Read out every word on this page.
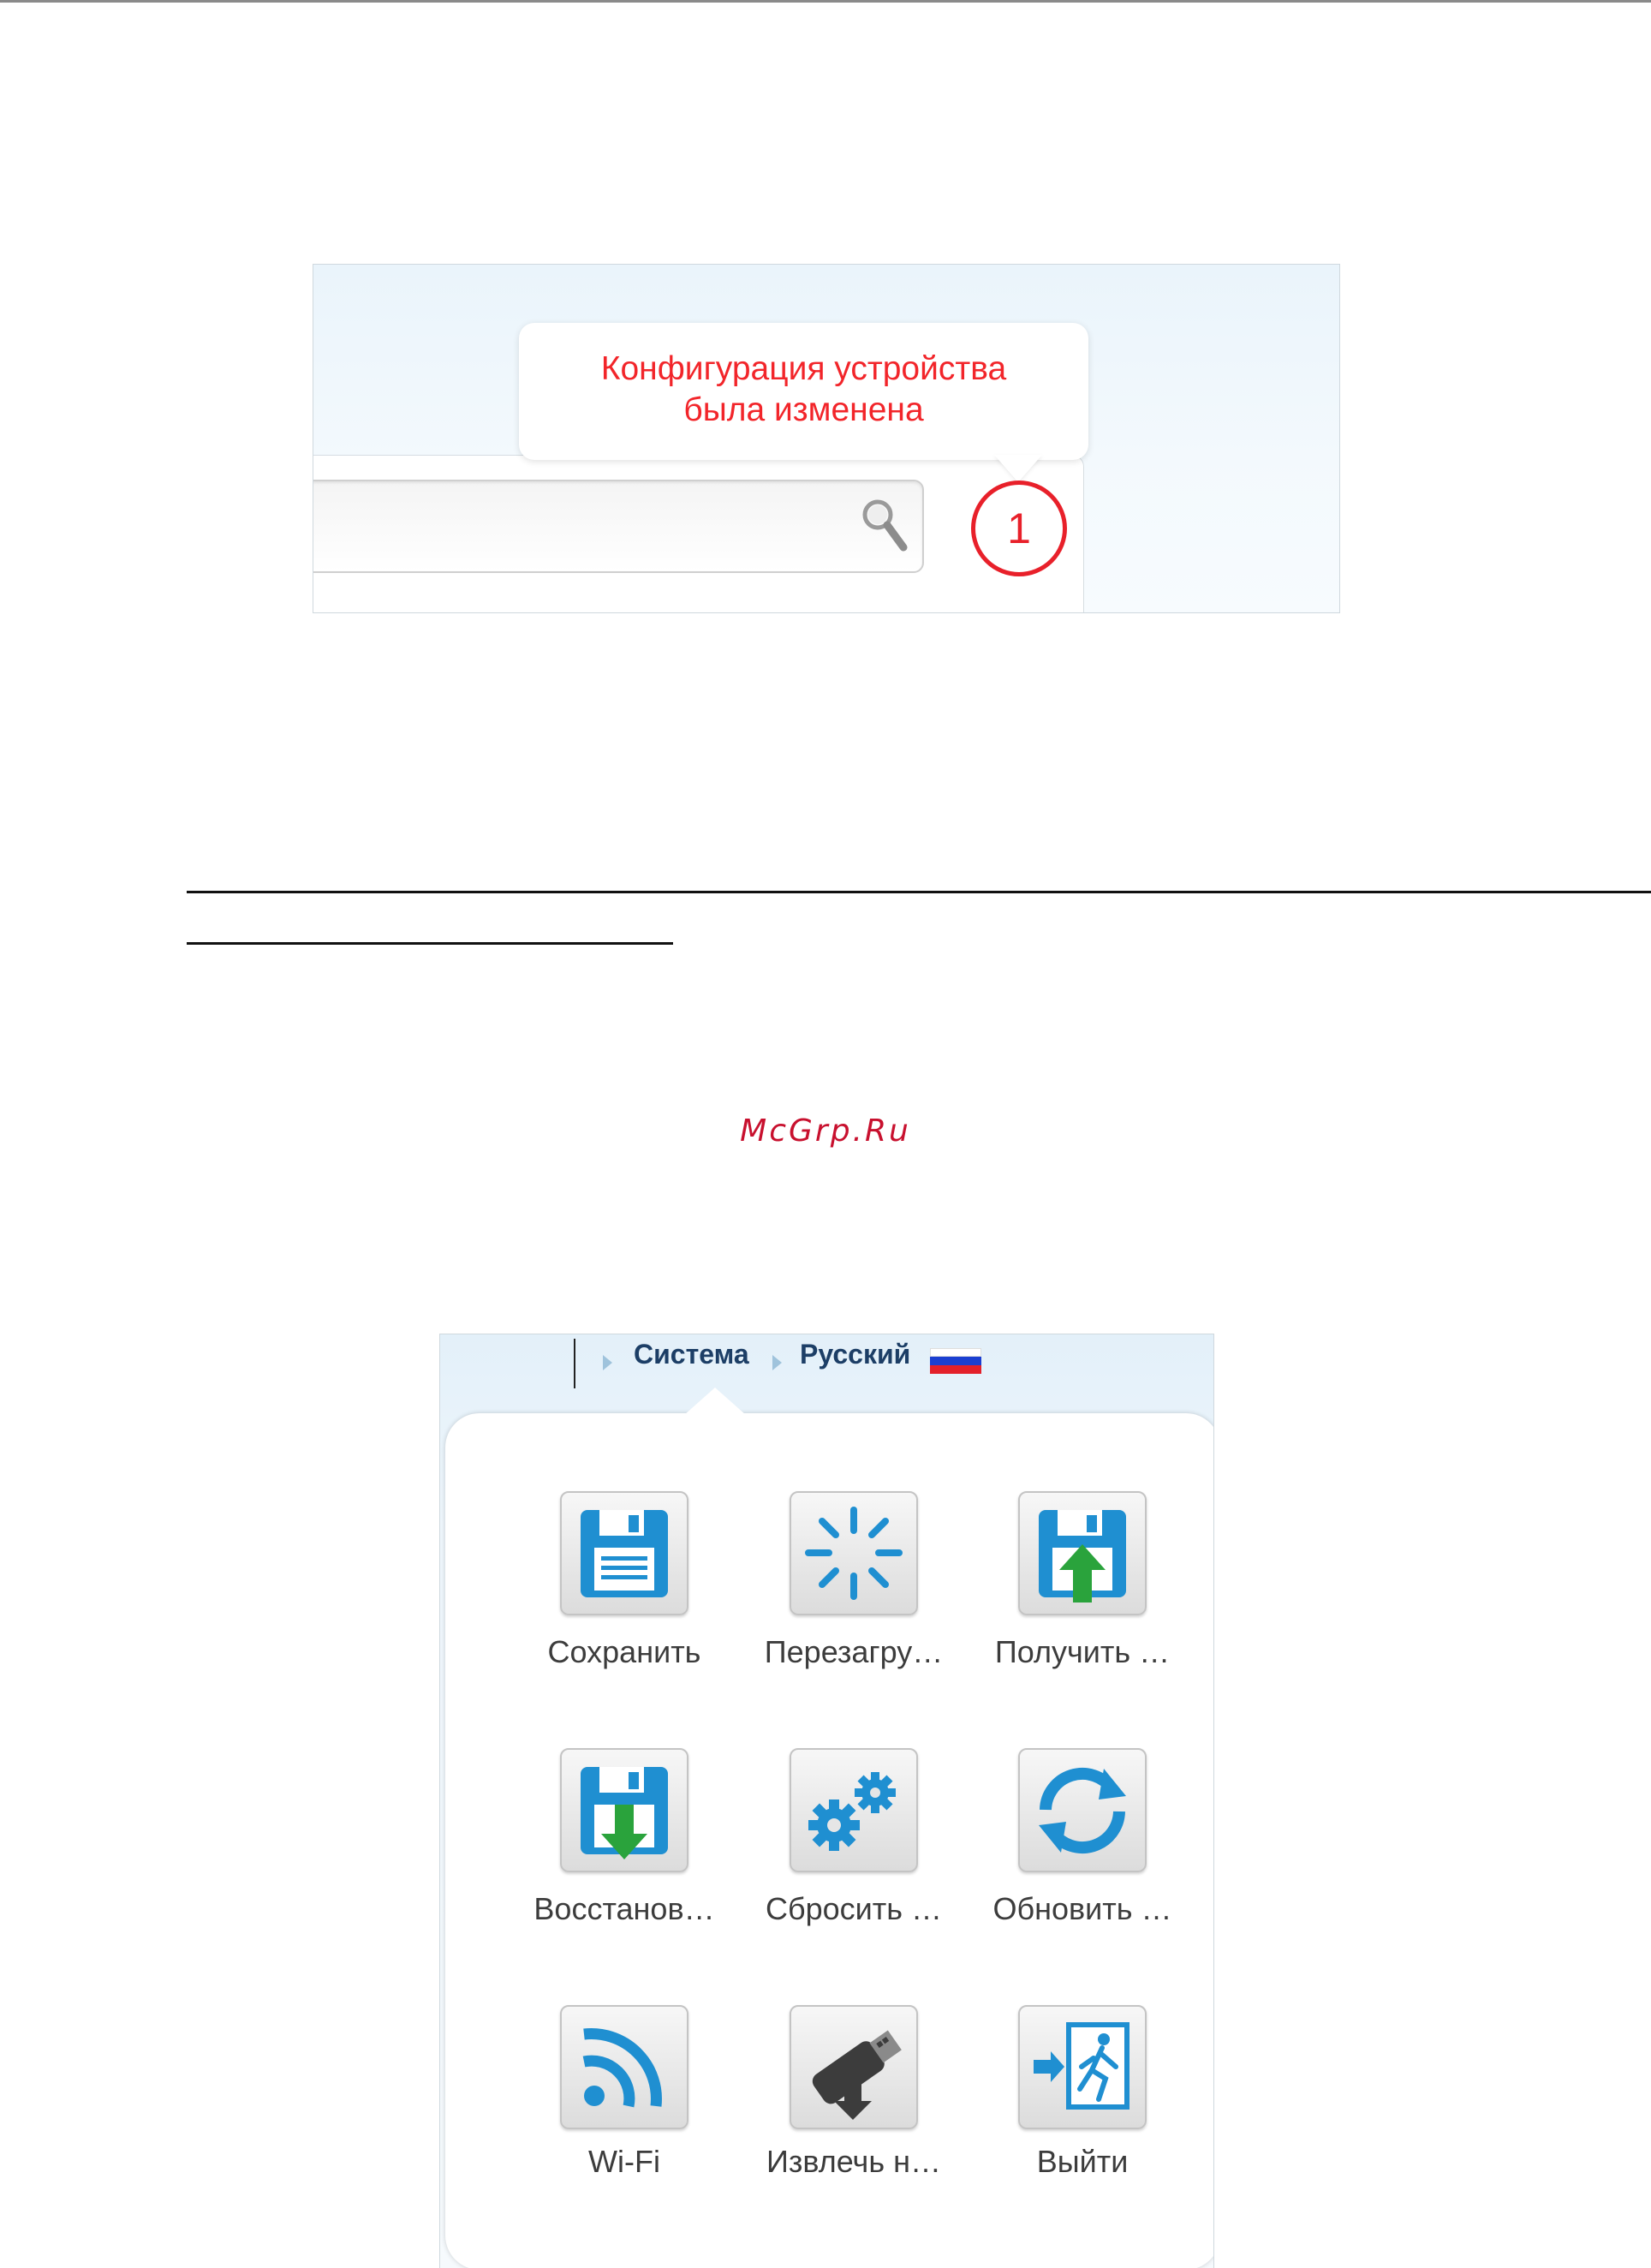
Конфигурация устройства
была изменена
1
McGrp.Ru
Система Русский
Сохранить	Перезагру…	Получить …
Восстанов…	Сбросить …	Обновить …
Wi-Fi	Извлечь н…	Выйти
